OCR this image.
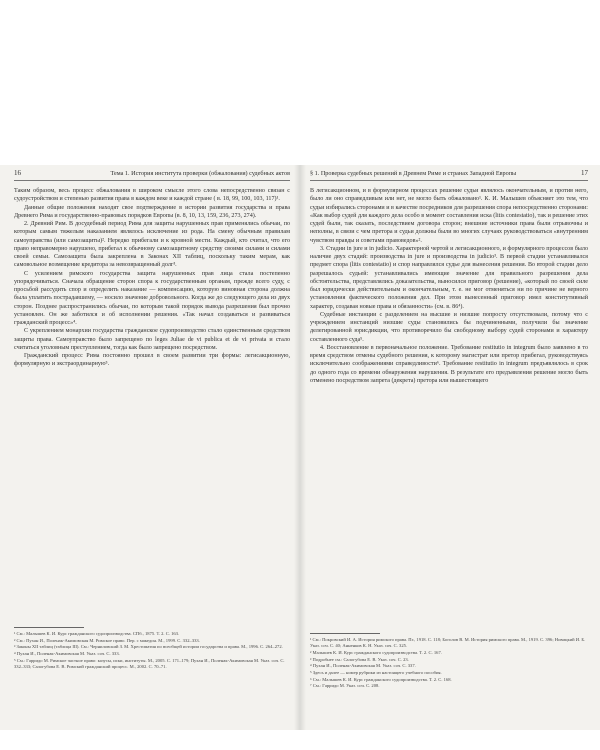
16	Тема 1. История института проверки (обжалования) судебных актов

Таким образом, весь процесс обжалования в широком смысле этого слова непосредственно связан с судоустройством и степенью развития права в каждом веке и каждой стране ( в. 18, 99, 100, 103, 117)¹.

Данные общие положения находят свое подтверждение в истории развития государства и права Древнего Рима и государственно-правовых порядков Европы (в. 8, 10, 13, 159, 236, 273, 274).

2. Древний Рим. В досудебный период Рима для защиты нарушенных прав применялись обычаи, по которым самым тяжелым наказанием являлось исключение из рода. На смену обычным правилам самоуправства (или самозащиты)². Нередко прибегали и к кровной мести. Каждый, кто считал, что его право неправомерно нарушено, прибегал к обычному самозащитному средству своими силами и силами своей семьи. Самозащита была закреплена в Законах XII таблиц, поскольку таким мерам, как самовольное возмещение кредитора за невозвращенный долг³.

С усилением римского государства защита нарушенных прав лица стала постепенно упорядочиваться. Сначала обращение сторон спора к государственным органам, прежде всего суду, с просьбой рассудить спор и определить наказание — компенсацию, которую виновная сторона должна была уплатить пострадавшему, — носило значение добровольного. Когда же до следующего дела из двух сторон. Позднее распространились обычаи, по которым такой порядок вывода разрешения был прочно установлен. Он же заботился и об исполнении решения. «Так начал создаваться и развиваться гражданский процесс»⁴.

С укреплением монархии государства гражданское судопроизводство стало единственным средством защиты права. Самоуправство было запрещено по leges Juliae de vi publica et de vi privata и стало считаться уголовным преступлением, тогда как было запрещено посредством.

Гражданский процесс Рима постоянно прошел в своем развитии три формы: легисакционную, формулярную и экстраординарную⁵.

¹ См.: Малышев К. И. Курс гражданского судопроизводства. СПб., 1875. Т. 2. С. 163.
² См.: Пухан И., Поленак-Акимовская М. Римское право. Пер. с македон. М., 1999. С. 332–333.
³ Законы XII таблиц (таблица III). См.: Черниловский З. М. Хрестоматия по всеобщей истории государства и права. М., 1996. С. 264–272.
⁴ Пухан И., Поленак-Акимовская М. Указ. соч. С. 333.
⁵ См.: Гарридо М. Римское частное право: казусы, иски, институты. М., 2005. С. 171–179; Пухан И., Поленак-Акимовская М. Указ. соч. С. 332–333; Салогубова Е. В. Римский гражданский процесс. М., 2002. С. 70–71.
§ 1. Проверка судебных решений в Древнем Риме и странах Западной Европы	17

В легисакционном, и в формулярном процессах решение судьи являлось окончательным, и против него, было ли оно справедливым или нет, не могло быть обжаловано¹. К. И. Малышев объясняет это тем, что судьи избирались сторонами и в качестве посредников для разрешения спора непосредственно сторонами: «Как выбор судей для каждого дела особо в момент составления иска (litis contestatio), так и решение этих судей были, так сказать, последствием договора сторон; внешние источники права были отрывочны и неполны, в связи с чем претора и судьи должны были во многих случаях руководствоваться «внутренним чувством правды и советами правоведов»².

3. Стадии in jure и in judicio. Характерной чертой и легисакционного, и формулярного процессов было наличие двух стадий: производства in jure и производства in judicio³. В первой стадии устанавливался предмет спора (litis contestatio) и спор направлялся судье для вынесения решения. Во второй стадии дело разрешалось судьей: устанавливались имеющие значение для правильного разрешения дела обстоятельства, представлялись доказательства, выносился приговор (решение), «который по своей силе был юридически действительным и окончательным, т. е. не мог отменяться ни по причине не верного установления фактического положения дел. При этом вынесенный приговор имел конститутивный характер, создавая новые права и обязанности» (см. в. 86⁴).

Судебные инстанции с разделением на высшие и низшие попросту отсутствовали, потому что с учреждением инстанций низшие суды становились бы подчиненными, получили бы значение делегированной юрисдикции, что противоречило бы свободному выбору судей сторонами и характеру составленного суда⁵.

4. Восстановление в первоначальное положение. Требование restitutio in integrum было заявлено в то время средством отмены судебного решения, к которому магистрат или претор прибегал, руководствуясь исключительно соображениями справедливости⁶. Требование restitutio in integrum предъявлялось в срок до одного года со времени обнаружения нарушения. В результате его предъявления решение могло быть отменено посредством запрета (декрета) претора или вышестоящего

¹ См.: Покровский И. А. История римского права. Пг., 1918. С. 118; Боголов В. М. История римского права. М., 1919. С. 396; Новицкий И. Б. Указ. соч. С. 40; Анненков К. Н. Указ. соч. С. 325.
² Малышев К. И. Курс гражданского судопроизводства. Т. 2. С. 167.
³ Подробнее см.: Салогубова Е. В. Указ. соч. С. 23.
⁴ Пухан И., Поленак-Акимовская М. Указ. соч. С. 337.
⁵ Здесь и далее — номер рубрики из настоящего учебного пособия.
⁶ См.: Малышев К. И. Курс гражданского судопроизводства. Т. 2. С. 168.
⁷ См.: Гарридо М. Указ. соч. С. 208.
